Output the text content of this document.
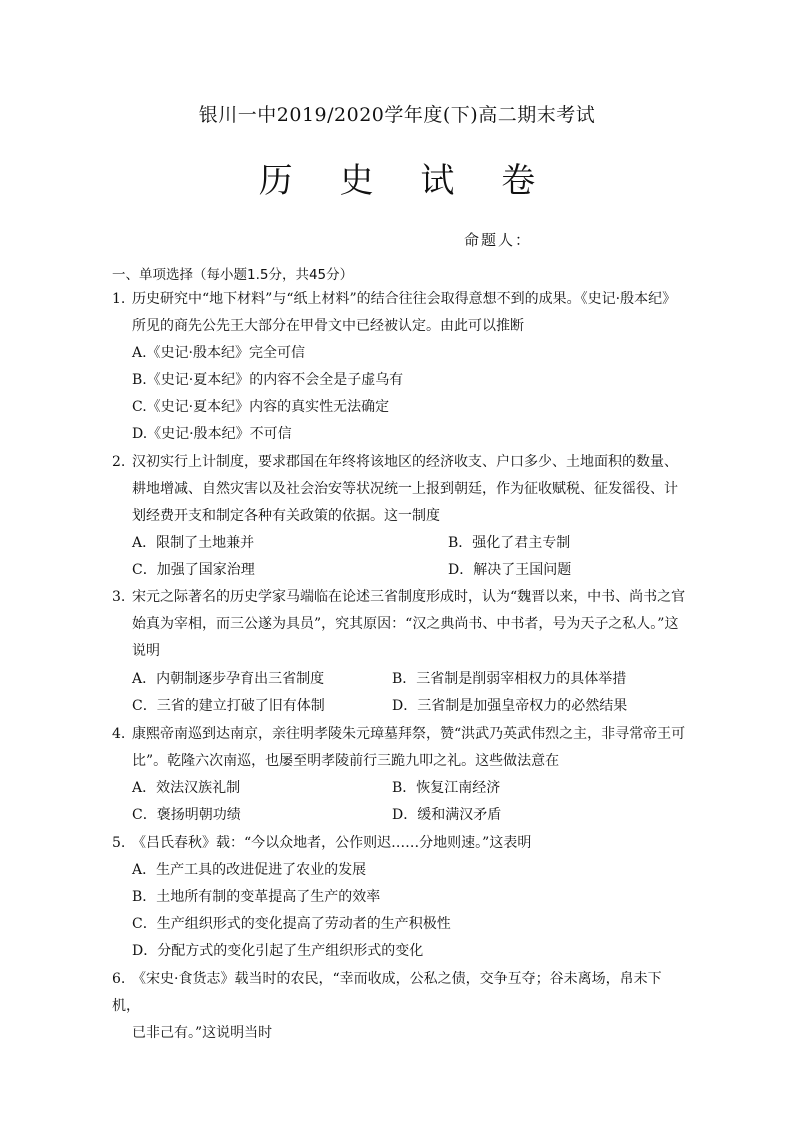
银川一中2019/2020学年度(下)高二期末考试
历 史 试 卷
命题人：
一、单项选择（每小题1.5分，共45分）
1. 历史研究中“地下材料”与“纸上材料”的结合往往会取得意想不到的成果。《史记·殷本纪》
所见的商先公先王大部分在甲骨文中已经被认定。由此可以推断
A.《史记·殷本纪》完全可信
B.《史记·夏本纪》的内容不会全是子虚乌有
C.《史记·夏本纪》内容的真实性无法确定
D.《史记·殷本纪》不可信
2. 汉初实行上计制度，要求郡国在年终将该地区的经济收支、户口多少、土地面积的数量、
耕地增减、自然灾害以及社会治安等状况统一上报到朝廷，作为征收赋税、征发徭役、计
划经费开支和制定各种有关政策的依据。这一制度
A．限制了土地兼并	B．强化了君主专制
C．加强了国家治理	D．解决了王国问题
3. 宋元之际著名的历史学家马端临在论述三省制度形成时，认为“魏晋以来，中书、尚书之官
始真为宰相，而三公遂为具员”，究其原因：“汉之典尚书、中书者，号为天子之私人。”这
说明
A．内朝制逐步孕育出三省制度	B．三省制是削弱宰相权力的具体举措
C．三省的建立打破了旧有体制	D．三省制是加强皇帝权力的必然结果
4. 康熙帝南巡到达南京，亲往明孝陵朱元璋墓拜祭，赞“洪武乃英武伟烈之主，非寻常帝王可
比”。乾隆六次南巡，也屡至明孝陵前行三跪九叩之礼。这些做法意在
A．效法汉族礼制	B．恢复江南经济
C．褒扬明朝功绩	D．缓和满汉矛盾
5. 《吕氏春秋》载：“今以众地者，公作则迟……分地则速。”这表明
A．生产工具的改进促进了农业的发展
B．土地所有制的变革提高了生产的效率
C．生产组织形式的变化提高了劳动者的生产积极性
D．分配方式的变化引起了生产组织形式的变化
6. 《宋史·食货志》载当时的农民，“幸而收成，公私之债，交争互夺；谷未离场，帛未下机，
已非己有。”这说明当时
